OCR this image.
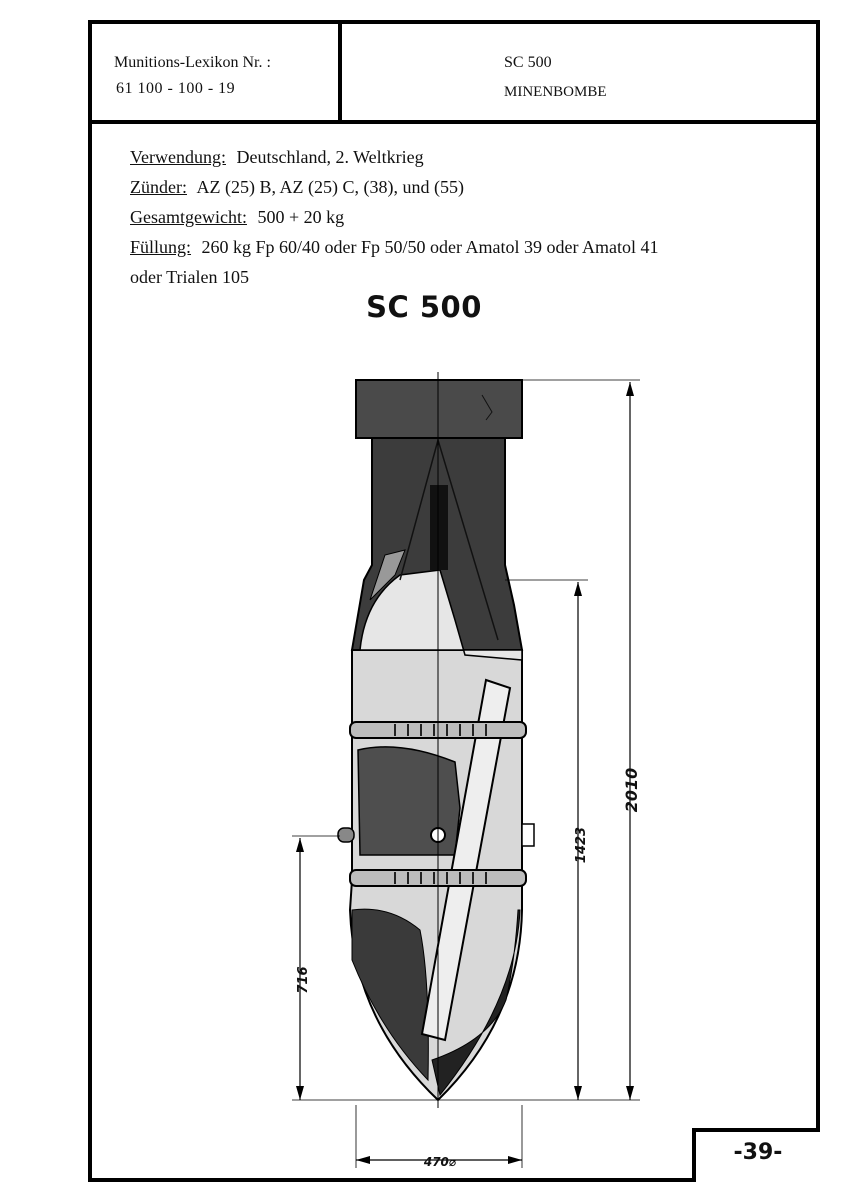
Munitions-Lexikon Nr. :
61 100 - 100 - 19
SC 500
MINENBOMBE
Verwendung: Deutschland, 2. Weltkrieg
Zünder: AZ (25) B, AZ (25) C, (38), und (55)
Gesamtgewicht: 500 + 20 kg
Füllung: 260 kg Fp 60/40 oder Fp 50/50 oder Amatol 39 oder Amatol 41
oder Trialen 105
SC 500
2010
1423
716
470⌀	-39-
